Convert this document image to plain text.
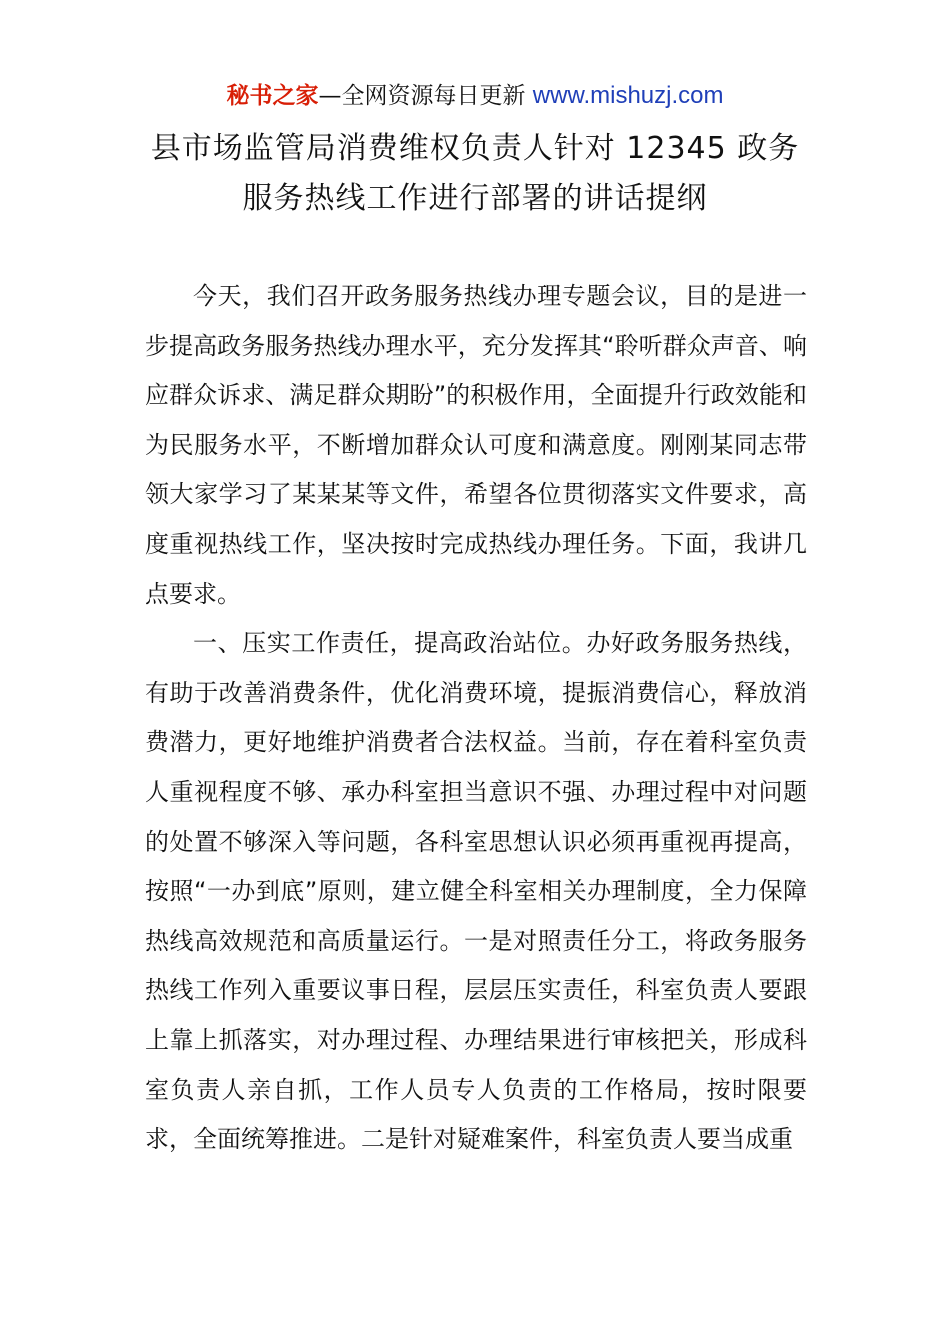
秘书之家—全网资源每日更新 www.mishuzj.com
县市场监管局消费维权负责人针对 12345 政务
服务热线工作进行部署的讲话提纲

今天，我们召开政务服务热线办理专题会议，目的是进一步提高政务服务热线办理水平，充分发挥其“聆听群众声音、响应群众诉求、满足群众期盼”的积极作用，全面提升行政效能和为民服务水平，不断增加群众认可度和满意度。刚刚某同志带领大家学习了某某某等文件，希望各位贯彻落实文件要求，高度重视热线工作，坚决按时完成热线办理任务。下面，我讲几点要求。

一、压实工作责任，提高政治站位。办好政务服务热线，有助于改善消费条件，优化消费环境，提振消费信心，释放消费潜力，更好地维护消费者合法权益。当前，存在着科室负责人重视程度不够、承办科室担当意识不强、办理过程中对问题的处置不够深入等问题，各科室思想认识必须再重视再提高，按照“一办到底”原则，建立健全科室相关办理制度，全力保障热线高效规范和高质量运行。一是对照责任分工，将政务服务热线工作列入重要议事日程，层层压实责任，科室负责人要跟上靠上抓落实，对办理过程、办理结果进行审核把关，形成科室负责人亲自抓，工作人员专人负责的工作格局，按时限要求，全面统筹推进。二是针对疑难案件，科室负责人要当成重
